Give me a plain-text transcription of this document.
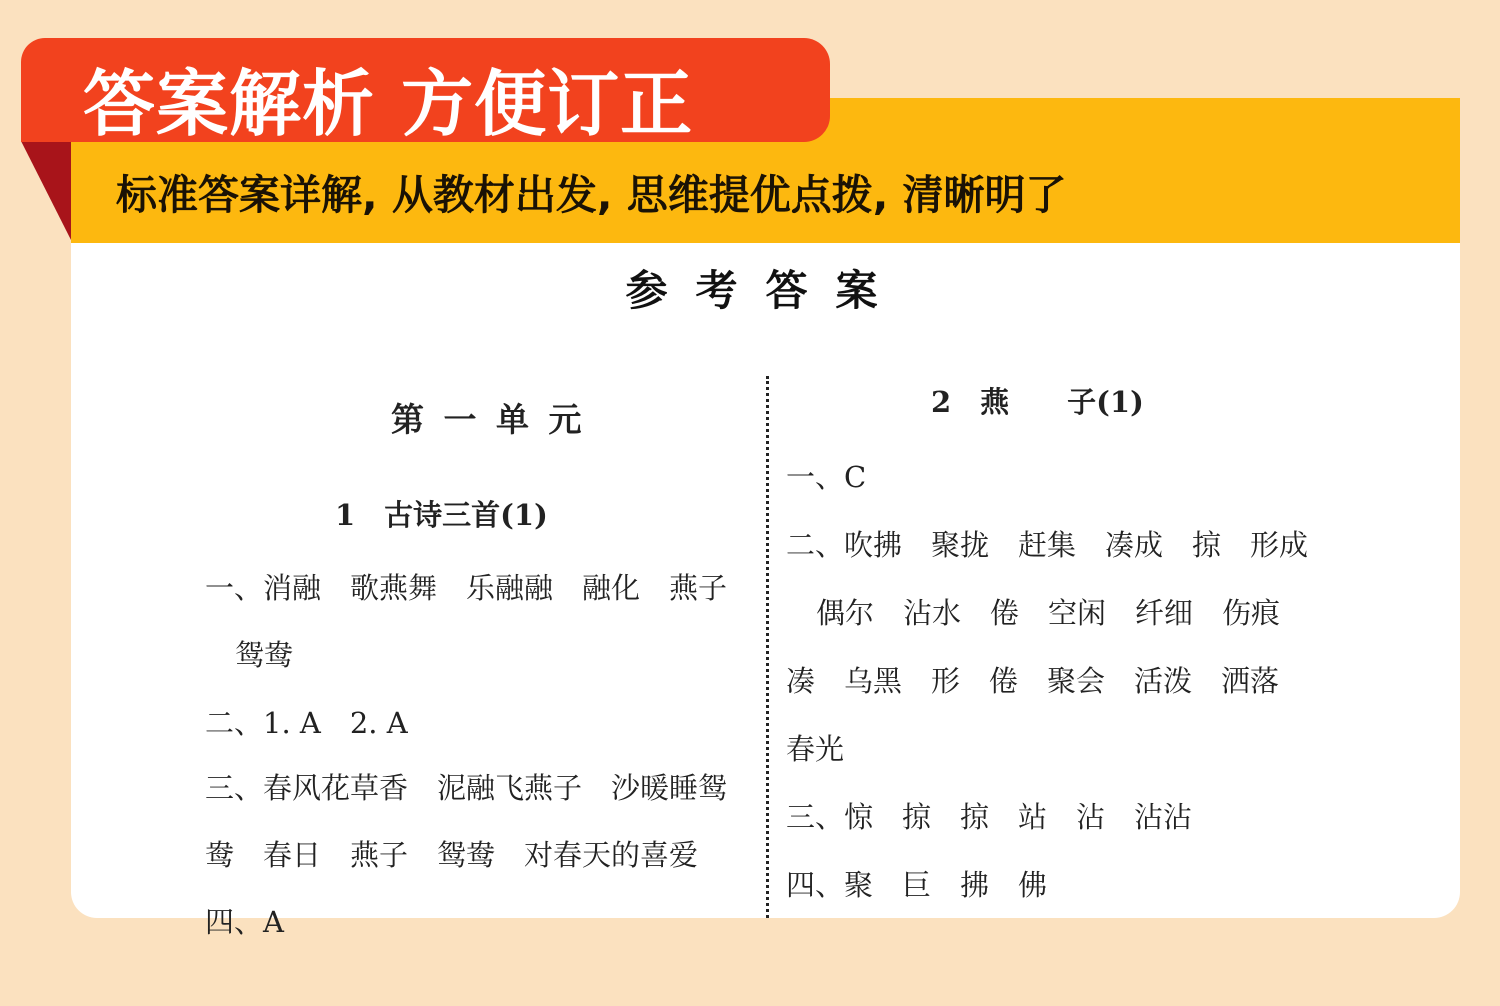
标准答案详解, 从教材出发, 思维提优点拨, 清晰明了
参考答案
第 一 单 元
1　古诗三首(1)
一、消融　歌燕舞　乐融融　融化　燕子
鸳鸯
二、1. A　2. A
三、春风花草香　泥融飞燕子　沙暖睡鸳
鸯　春日　燕子　鸳鸯　对春天的喜爱
四、A
2　燕　　子(1)
一、C
二、吹拂　聚拢　赶集　凑成　掠　形成
偶尔　沾水　倦　空闲　纤细　伤痕
凑　乌黑　形　倦　聚会　活泼　洒落
春光
三、惊　掠　掠　站　沾　沾沾
四、聚　巨　拂　佛
答案解析 方便订正
